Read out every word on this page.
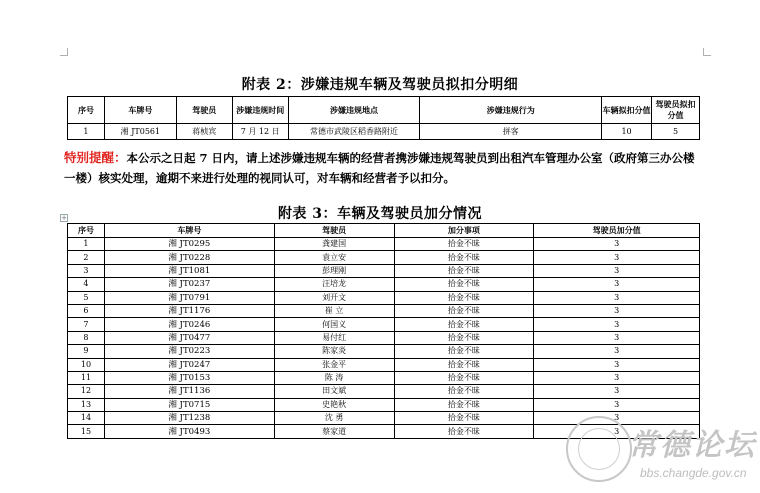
附表 2：涉嫌违规车辆及驾驶员拟扣分明细
序号	车牌号	驾驶员	涉嫌违规时间	涉嫌违规地点	涉嫌违规行为	车辆拟扣分值	驾驶员拟扣分值
1	湘 JT0561	蒋桢宾	7 月 12 日	常德市武陵区稻香路附近	拼客	10	5
特别提醒：本公示之日起 7 日内，请上述涉嫌违规车辆的经营者携涉嫌违规驾驶员到出租汽车管理办公室（政府第三办公楼一楼）核实处理，逾期不来进行处理的视同认可，对车辆和经营者予以扣分。
附表 3：车辆及驾驶员加分情况
+
序号	车牌号	驾驶员	加分事项	驾驶员加分值
1	湘 JT0295	龚建国	拾金不昧	3
2	湘 JT0228	袁立安	拾金不昧	3
3	湘 JT1081	彭理刚	拾金不昧	3
4	湘 JT0237	汪培龙	拾金不昧	3
5	湘 JT0791	刘开文	拾金不昧	3
6	湘 JT1176	崔 立	拾金不昧	3
7	湘 JT0246	何国义	拾金不昧	3
8	湘 JT0477	易付红	拾金不昧	3
9	湘 JT0223	陈家炎	拾金不昧	3
10	湘 JT0247	张金平	拾金不昧	3
11	湘 JT0153	陈 涛	拾金不昧	3
12	湘 JT1136	田文斌	拾金不昧	3
13	湘 JT0715	史艳秋	拾金不昧	3
14	湘 JT1238	沈 勇	拾金不昧	3
15	湘 JT0493	蔡家道	拾金不昧	3 常德论坛
bbs.changde.gov.cn
